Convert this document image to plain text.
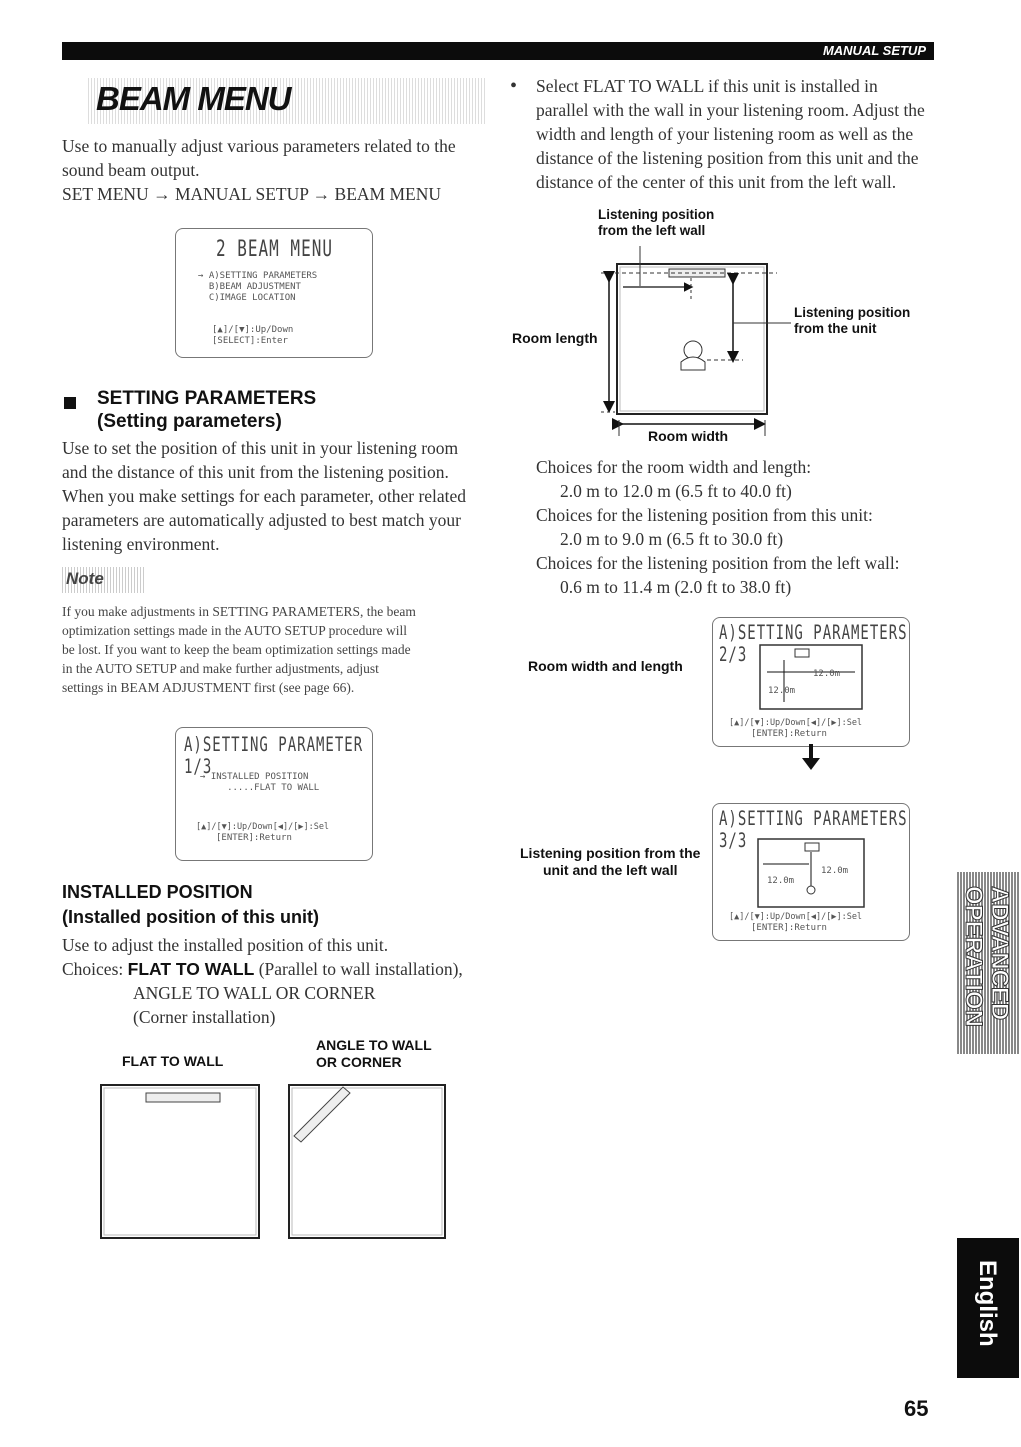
MANUAL SETUP
BEAM MENU
Use to manually adjust various parameters related to the
sound beam output.
SET MENU → MANUAL SETUP → BEAM MENU
2 BEAM MENU
→ A)SETTING PARAMETERS
B)BEAM ADJUSTMENT
C)IMAGE LOCATION
[▲]/[▼]:Up/Down
[SELECT]:Enter
SETTING PARAMETERS
(Setting parameters)
Use to set the position of this unit in your listening room
and the distance of this unit from the listening position.
When you make settings for each parameter, other related
parameters are automatically adjusted to best match your
listening environment.
Note
If you make adjustments in SETTING PARAMETERS, the beam
optimization settings made in the AUTO SETUP procedure will
be lost. If you want to keep the beam optimization settings made
in the AUTO SETUP and make further adjustments, adjust
settings in BEAM ADJUSTMENT first (see page 66).
A)SETTING PARAMETER 1/3
→ INSTALLED POSITION
.....FLAT TO WALL
[▲]/[▼]:Up/Down[◀]/[▶]:Sel
[ENTER]:Return
INSTALLED POSITION
(Installed position of this unit)
Use to adjust the installed position of this unit.
Choices: FLAT TO WALL (Parallel to wall installation),
ANGLE TO WALL OR CORNER
(Corner installation)
FLAT TO WALL
ANGLE TO WALL
OR CORNER
• Select FLAT TO WALL if this unit is installed in
parallel with the wall in your listening room. Adjust the
width and length of your listening room as well as the
distance of the listening position from this unit and the
distance of the center of this unit from the left wall.
Listening position
from the left wall
Listening position
from the unit
Room length
Room width
Choices for the room width and length:
2.0 m to 12.0 m (6.5 ft to 40.0 ft)
Choices for the listening position from this unit:
2.0 m to 9.0 m (6.5 ft to 30.0 ft)
Choices for the listening position from the left wall:
0.6 m to 11.4 m (2.0 ft to 38.0 ft)
Room width and length
A)SETTING PARAMETERS 2/3
12.0m
12.0m
[▲]/[▼]:Up/Down[◀]/[▶]:Sel
[ENTER]:Return
Listening position from the
unit and the left wall
A)SETTING PARAMETERS 3/3
12.0m
12.0m
[▲]/[▼]:Up/Down[◀]/[▶]:Sel
[ENTER]:Return	ADVANCED
OPERATION
English
65
